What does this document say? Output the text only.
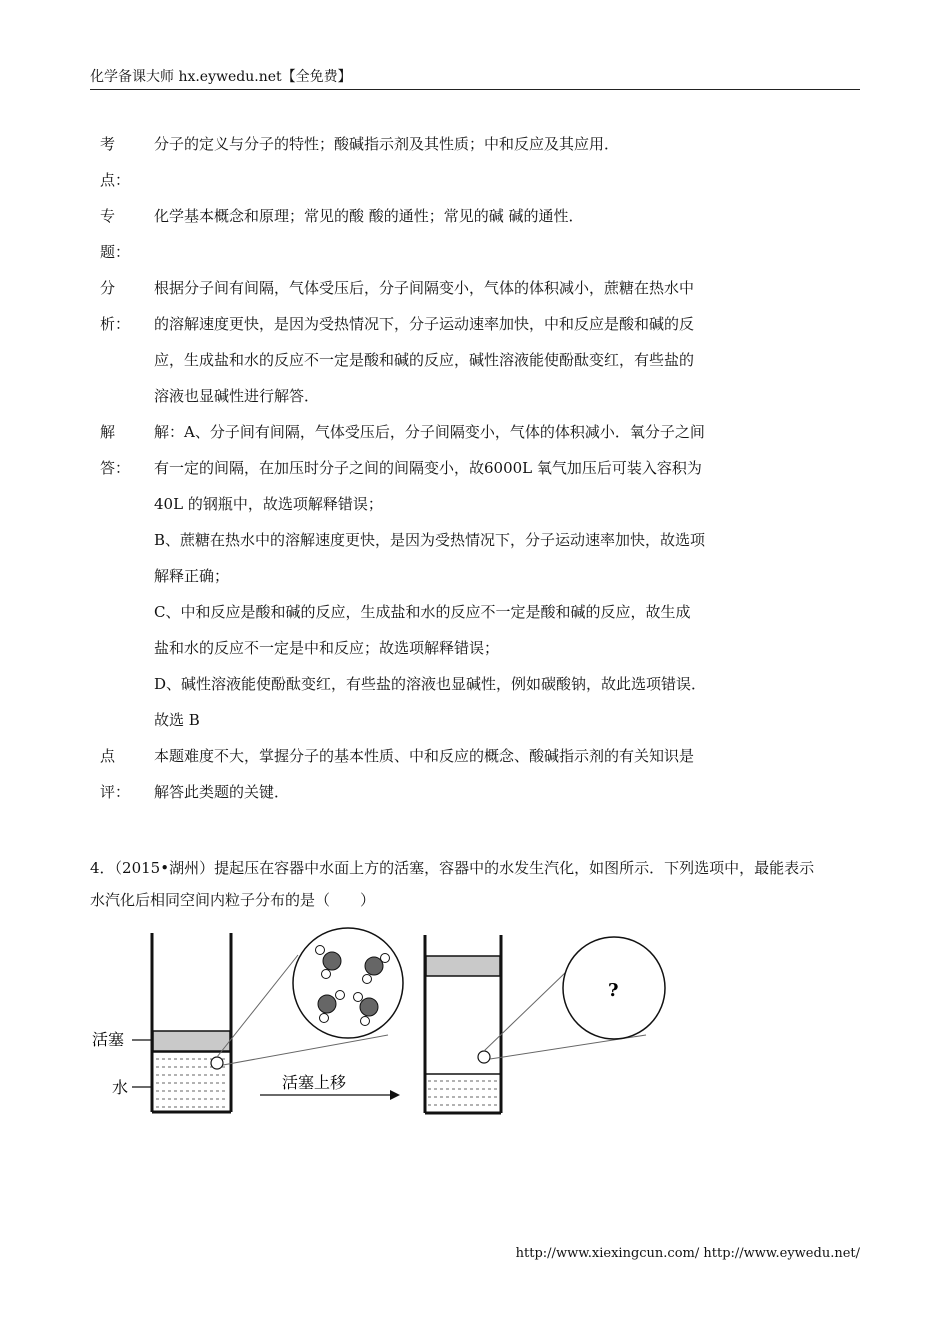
化学备课大师 hx.eywedu.net【全免费】
考
点：

分子的定义与分子的特性；酸碱指示剂及其性质；中和反应及其应用．

专
题：

化学基本概念和原理；常见的酸 酸的通性；常见的碱 碱的通性．

分
析：

根据分子间有间隔，气体受压后，分子间隔变小，气体的体积减小，蔗糖在热水中

的溶解速度更快，是因为受热情况下，分子运动速率加快，中和反应是酸和碱的反

应，生成盐和水的反应不一定是酸和碱的反应，碱性溶液能使酚酞变红，有些盐的

溶液也显碱性进行解答．

解
答：

解：A、分子间有间隔，气体受压后，分子间隔变小，气体的体积减小．氧分子之间

有一定的间隔，在加压时分子之间的间隔变小，故6000L 氧气加压后可装入容积为

40L 的钢瓶中，故选项解释错误；

B、蔗糖在热水中的溶解速度更快，是因为受热情况下，分子运动速率加快，故选项

解释正确；

C、中和反应是酸和碱的反应，生成盐和水的反应不一定是酸和碱的反应，故生成

盐和水的反应不一定是中和反应；故选项解释错误；

D、碱性溶液能使酚酞变红，有些盐的溶液也显碱性，例如碳酸钠，故此选项错误．

故选 B

点
评：

本题难度不大，掌握分子的基本性质、中和反应的概念、酸碱指示剂的有关知识是

解答此类题的关键．

4．（2015•湖州）提起压在容器中水面上方的活塞，容器中的水发生汽化，如图所示．下列选项中，最能表示

水汽化后相同空间内粒子分布的是（　　）

活塞
水	活塞上移
?
http://www.xiexingcun.com/ http://www.eywedu.net/
